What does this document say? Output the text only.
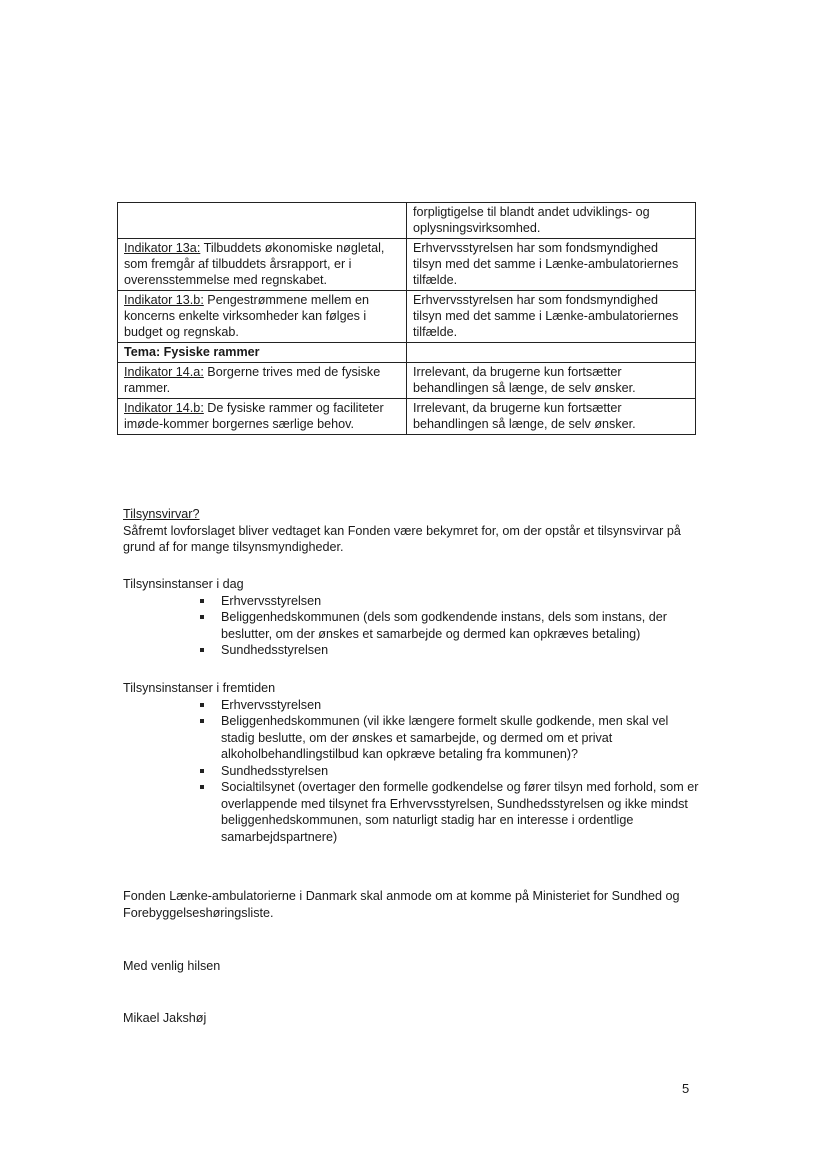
	forpligtigelse til blandt andet udviklings- og oplysningsvirksomhed.
Indikator 13a: Tilbuddets økonomiske nøgletal, som fremgår af tilbuddets årsrapport, er i overensstemmelse med regnskabet.	Erhvervsstyrelsen har som fondsmyndighed tilsyn med det samme i Lænke-ambulatoriernes tilfælde.
Indikator 13.b: Pengestrømmene mellem en koncerns enkelte virksomheder kan følges i budget og regnskab.	Erhvervsstyrelsen har som fondsmyndighed tilsyn med det samme i Lænke-ambulatoriernes tilfælde.
Tema: Fysiske rammer	
Indikator 14.a: Borgerne trives med de fysiske rammer.	Irrelevant, da brugerne kun fortsætter behandlingen så længe, de selv ønsker.
Indikator 14.b: De fysiske rammer og faciliteter imøde-kommer borgernes særlige behov.	Irrelevant, da brugerne kun fortsætter behandlingen så længe, de selv ønsker.

Tilsynsvirvar?

Såfremt lovforslaget bliver vedtaget kan Fonden være bekymret for, om der opstår et tilsynsvirvar på grund af for mange tilsynsmyndigheder.

Tilsynsinstanser i dag

Erhvervsstyrelsen
Beliggenhedskommunen (dels som godkendende instans, dels som instans, der beslutter, om der ønskes et samarbejde og dermed kan opkræves betaling)
Sundhedsstyrelsen

Tilsynsinstanser i fremtiden

Erhvervsstyrelsen
Beliggenhedskommunen (vil ikke længere formelt skulle godkende, men skal vel stadig beslutte, om der ønskes et samarbejde, og dermed om et privat alkoholbehandlingstilbud kan opkræve betaling fra kommunen)?
Sundhedsstyrelsen
Socialtilsynet (overtager den formelle godkendelse og fører tilsyn med forhold, som er overlappende med tilsynet fra Erhvervsstyrelsen, Sundhedsstyrelsen og ikke mindst beliggenhedskommunen, som naturligt stadig har en interesse i ordentlige samarbejdspartnere)

Fonden Lænke-ambulatorierne i Danmark skal anmode om at komme på Ministeriet for Sundhed og Forebyggelseshøringsliste.

Med venlig hilsen

Mikael Jakshøj

5
